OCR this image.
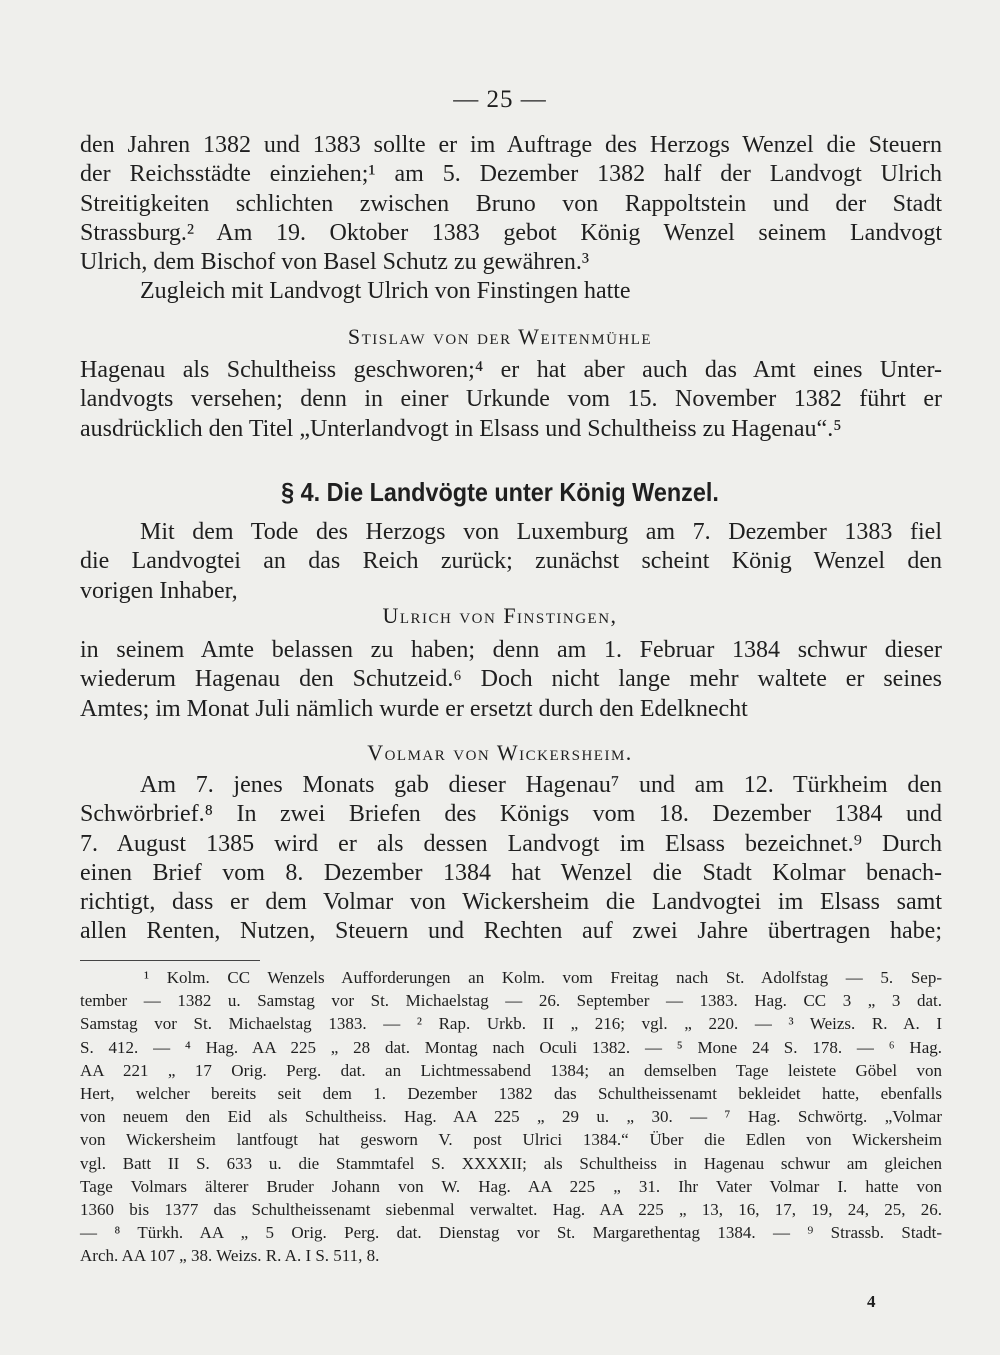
— 25 —
den Jahren 1382 und 1383 sollte er im Auftrage des Herzogs Wenzel die Steuern
der Reichsstädte einziehen;¹ am 5. Dezember 1382 half der Landvogt Ulrich
Streitigkeiten schlichten zwischen Bruno von Rappoltstein und der Stadt
Strassburg.² Am 19. Oktober 1383 gebot König Wenzel seinem Landvogt
Ulrich, dem Bischof von Basel Schutz zu gewähren.³
Zugleich mit Landvogt Ulrich von Finstingen hatte
Stislaw von der Weitenmühle
Hagenau als Schultheiss geschworen;⁴ er hat aber auch das Amt eines Unter-
landvogts versehen; denn in einer Urkunde vom 15. November 1382 führt er
ausdrücklich den Titel „Unterlandvogt in Elsass und Schultheiss zu Hagenau“.⁵
§ 4. Die Landvögte unter König Wenzel.
Mit dem Tode des Herzogs von Luxemburg am 7. Dezember 1383 fiel
die Landvogtei an das Reich zurück; zunächst scheint König Wenzel den
vorigen Inhaber,
Ulrich von Finstingen,
in seinem Amte belassen zu haben; denn am 1. Februar 1384 schwur dieser
wiederum Hagenau den Schutzeid.⁶ Doch nicht lange mehr waltete er seines
Amtes; im Monat Juli nämlich wurde er ersetzt durch den Edelknecht
Volmar von Wickersheim.
Am 7. jenes Monats gab dieser Hagenau⁷ und am 12. Türkheim den
Schwörbrief.⁸ In zwei Briefen des Königs vom 18. Dezember 1384 und
7. August 1385 wird er als dessen Landvogt im Elsass bezeichnet.⁹ Durch
einen Brief vom 8. Dezember 1384 hat Wenzel die Stadt Kolmar benach-
richtigt, dass er dem Volmar von Wickersheim die Landvogtei im Elsass samt
allen Renten, Nutzen, Steuern und Rechten auf zwei Jahre übertragen habe;
¹ Kolm. CC Wenzels Aufforderungen an Kolm. vom Freitag nach St. Adolfstag — 5. Sep-
tember — 1382 u. Samstag vor St. Michaelstag — 26. September — 1383. Hag. CC 3 „ 3 dat.
Samstag vor St. Michaelstag 1383. — ² Rap. Urkb. II „ 216; vgl. „ 220. — ³ Weizs. R. A. I
S. 412. — ⁴ Hag. AA 225 „ 28 dat. Montag nach Oculi 1382. — ⁵ Mone 24 S. 178. — ⁶ Hag.
AA 221 „ 17 Orig. Perg. dat. an Lichtmessabend 1384; an demselben Tage leistete Göbel von
Hert, welcher bereits seit dem 1. Dezember 1382 das Schultheissenamt bekleidet hatte, ebenfalls
von neuem den Eid als Schultheiss. Hag. AA 225 „ 29 u. „ 30. — ⁷ Hag. Schwörtg. „Volmar
von Wickersheim lantfougt hat gesworn V. post Ulrici 1384.“ Über die Edlen von Wickersheim
vgl. Batt II S. 633 u. die Stammtafel S. XXXXII; als Schultheiss in Hagenau schwur am gleichen
Tage Volmars älterer Bruder Johann von W. Hag. AA 225 „ 31. Ihr Vater Volmar I. hatte von
1360 bis 1377 das Schultheissenamt siebenmal verwaltet. Hag. AA 225 „ 13, 16, 17, 19, 24, 25, 26.
— ⁸ Türkh. AA „ 5 Orig. Perg. dat. Dienstag vor St. Margarethentag 1384. — ⁹ Strassb. Stadt-
Arch. AA 107 „ 38. Weizs. R. A. I S. 511, 8.
4
